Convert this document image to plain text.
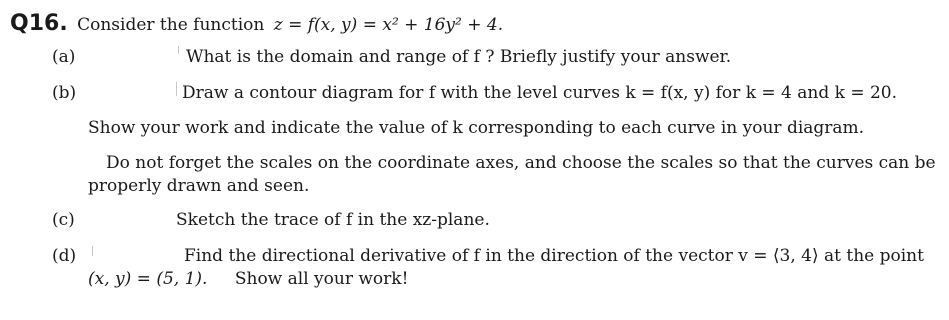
Q16. Consider the function z = f(x, y) = x² + 16y² + 4.
(a)	What is the domain and range of f ? Briefly justify your answer.
(b)	Draw a contour diagram for f with the level curves k = f(x, y) for k = 4 and k = 20.
Show your work and indicate the value of k corresponding to each curve in your diagram.
Do not forget the scales on the coordinate axes, and choose the scales so that the curves can be
properly drawn and seen.
(c)	Sketch the trace of f in the xz-plane.
(d)	Find the directional derivative of f in the direction of the vector v = ⟨3, 4⟩ at the point
(x, y) = (5, 1). Show all your work!
